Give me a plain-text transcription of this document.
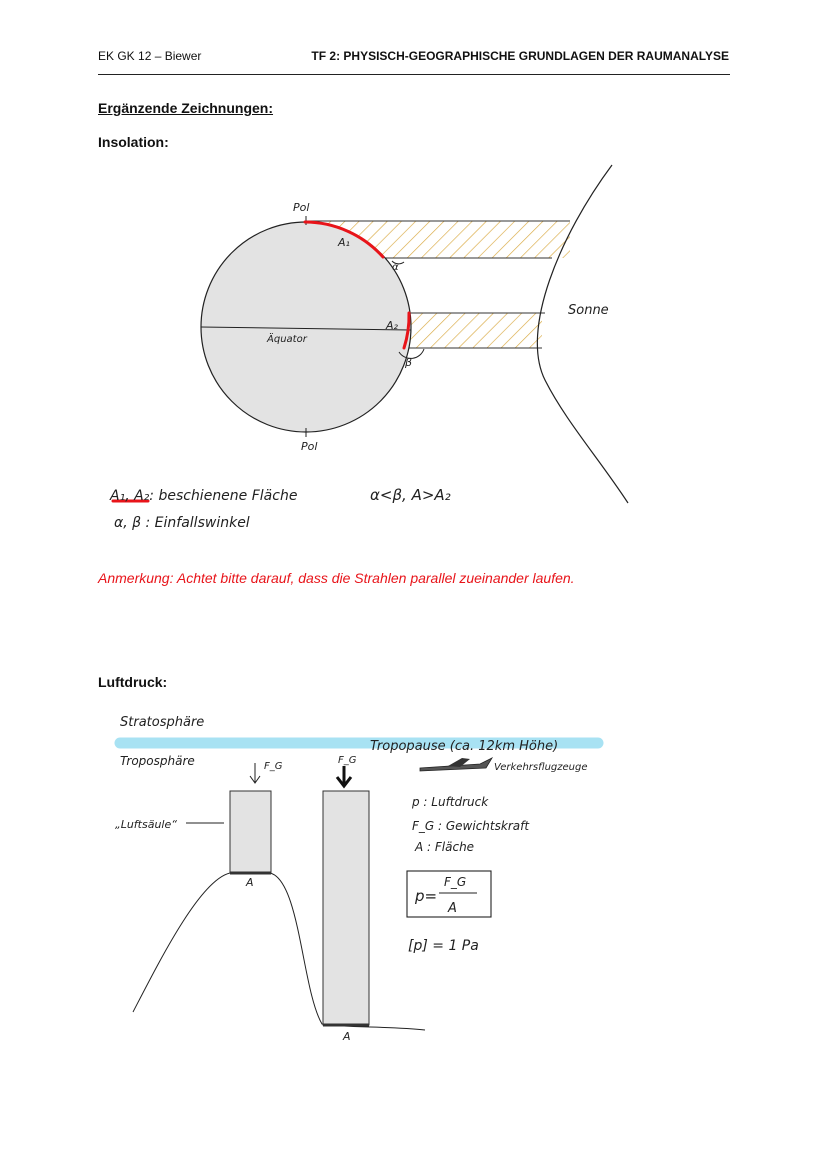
EK GK 12 – Biewer	TF 2: PHYSISCH-GEOGRAPHISCHE GRUNDLAGEN DER RAUMANALYSE
Ergänzende Zeichnungen:
Insolation:
Pol
Pol
Äquator
A₁
A₂
α
β
Sonne
A₁, A₂: beschienene Fläche
α, β : Einfallswinkel
α<β, A>A₂
Stratosphäre
Tropopause (ca. 12km Höhe)
Troposphäre	Verkehrsflugzeuge
F_G
F_G
A
A
„Luftsäule“
p : Luftdruck
F_G : Gewichtskraft
A : Fläche
p=
F_G
A
[p] = 1 Pa
Anmerkung: Achtet bitte darauf, dass die Strahlen parallel zueinander laufen.
Luftdruck:
